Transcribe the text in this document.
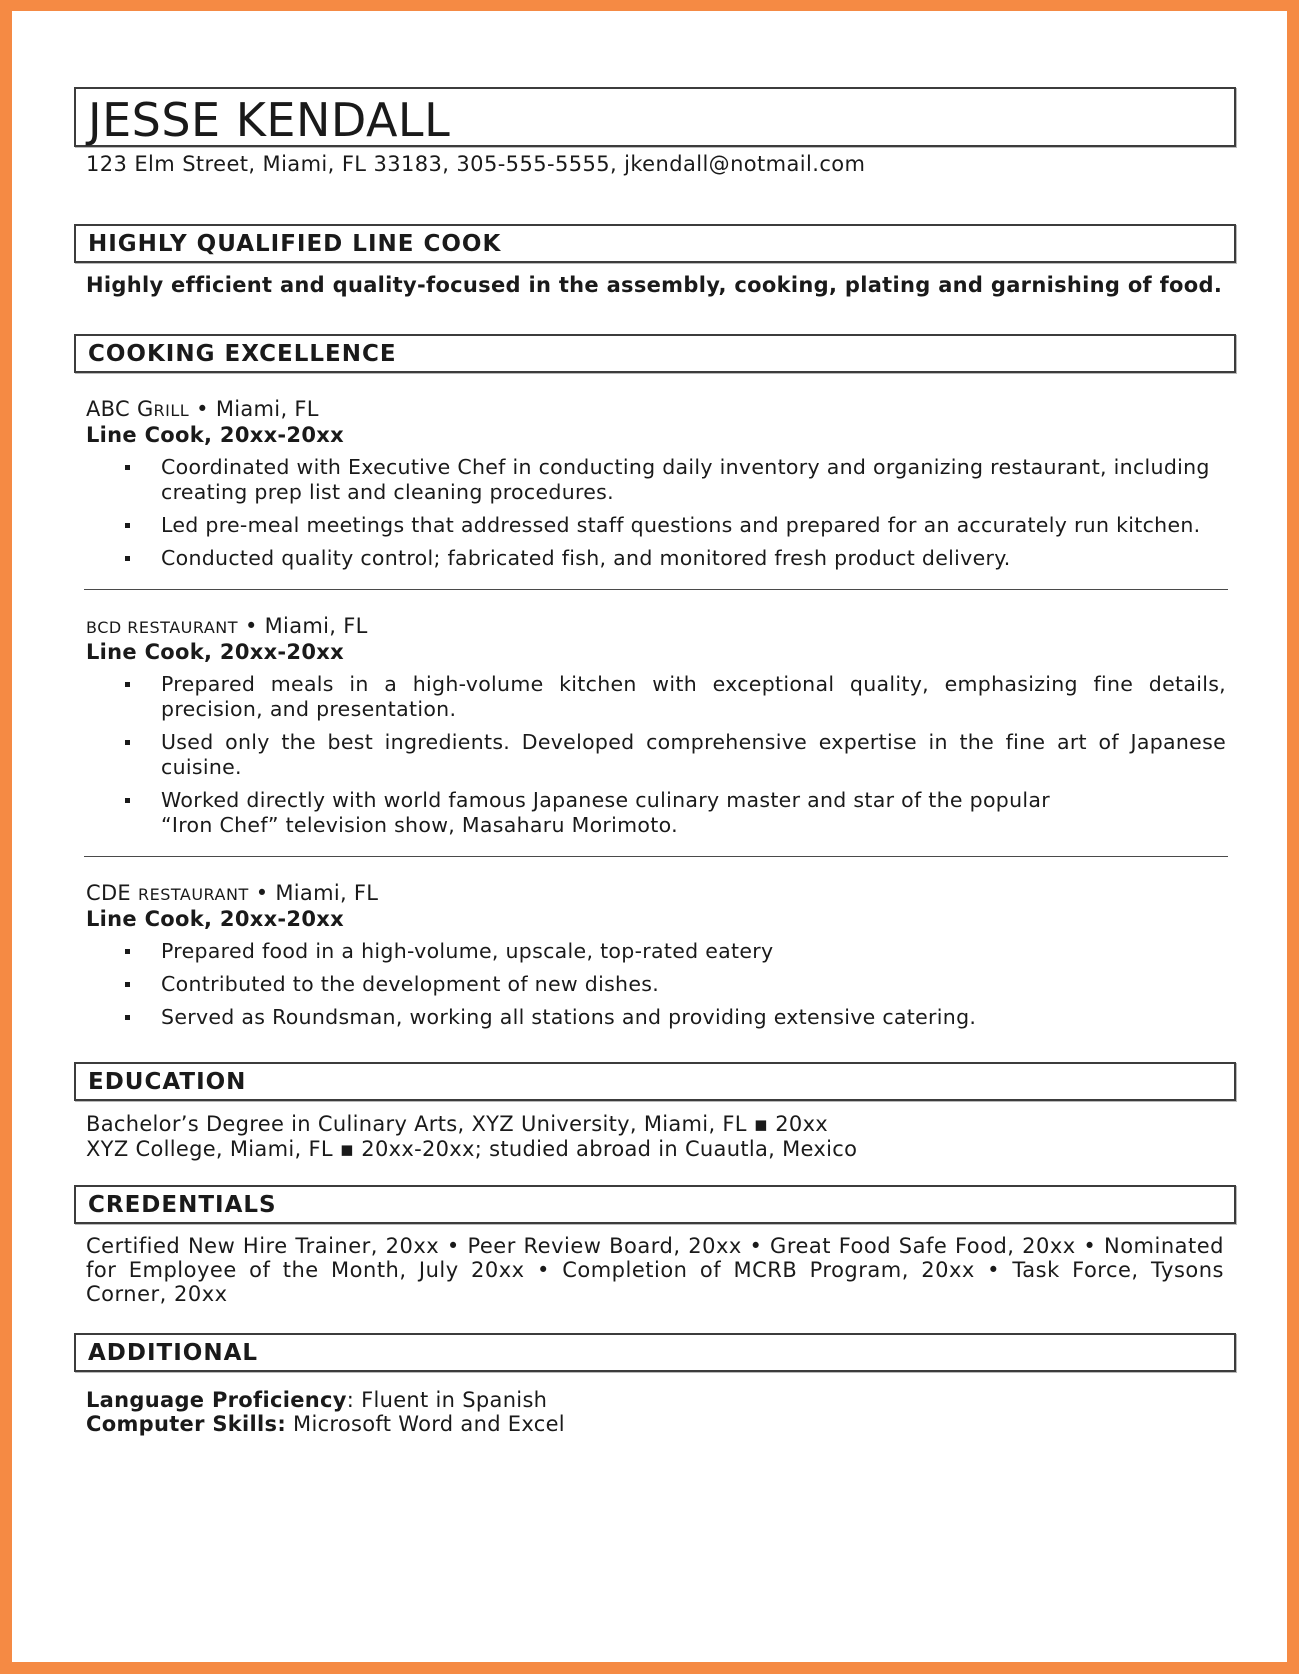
JESSE KENDALL
123 Elm Street, Miami, FL 33183, 305-555-5555, jkendall@notmail.com
HIGHLY QUALIFIED LINE COOK
Highly efficient and quality-focused in the assembly, cooking, plating and garnishing of food.
COOKING EXCELLENCE
ABC GRILL • Miami, FL
Line Cook, 20xx-20xx
Coordinated with Executive Chef in conducting daily inventory and organizing restaurant, including creating prep list and cleaning procedures.
Led pre-meal meetings that addressed staff questions and prepared for an accurately run kitchen.
Conducted quality control; fabricated fish, and monitored fresh product delivery.
BCD RESTAURANT • Miami, FL
Line Cook, 20xx-20xx
Prepared meals in a high-volume kitchen with exceptional quality, emphasizing fine details, precision, and presentation.
Used only the best ingredients. Developed comprehensive expertise in the fine art of Japanese cuisine.
Worked directly with world famous Japanese culinary master and star of the popular
“Iron Chef” television show, Masaharu Morimoto.
CDE RESTAURANT • Miami, FL
Line Cook, 20xx-20xx
Prepared food in a high-volume, upscale, top-rated eatery
Contributed to the development of new dishes.
Served as Roundsman, working all stations and providing extensive catering.
EDUCATION
Bachelor’s Degree in Culinary Arts, XYZ University, Miami, FL ▪ 20xx
XYZ College, Miami, FL ▪ 20xx-20xx; studied abroad in Cuautla, Mexico
CREDENTIALS
Certified New Hire Trainer, 20xx • Peer Review Board, 20xx • Great Food Safe Food, 20xx • Nominated for Employee of the Month, July 20xx • Completion of MCRB Program, 20xx • Task Force, Tysons Corner, 20xx
ADDITIONAL
Language Proficiency: Fluent in Spanish
Computer Skills: Microsoft Word and Excel
